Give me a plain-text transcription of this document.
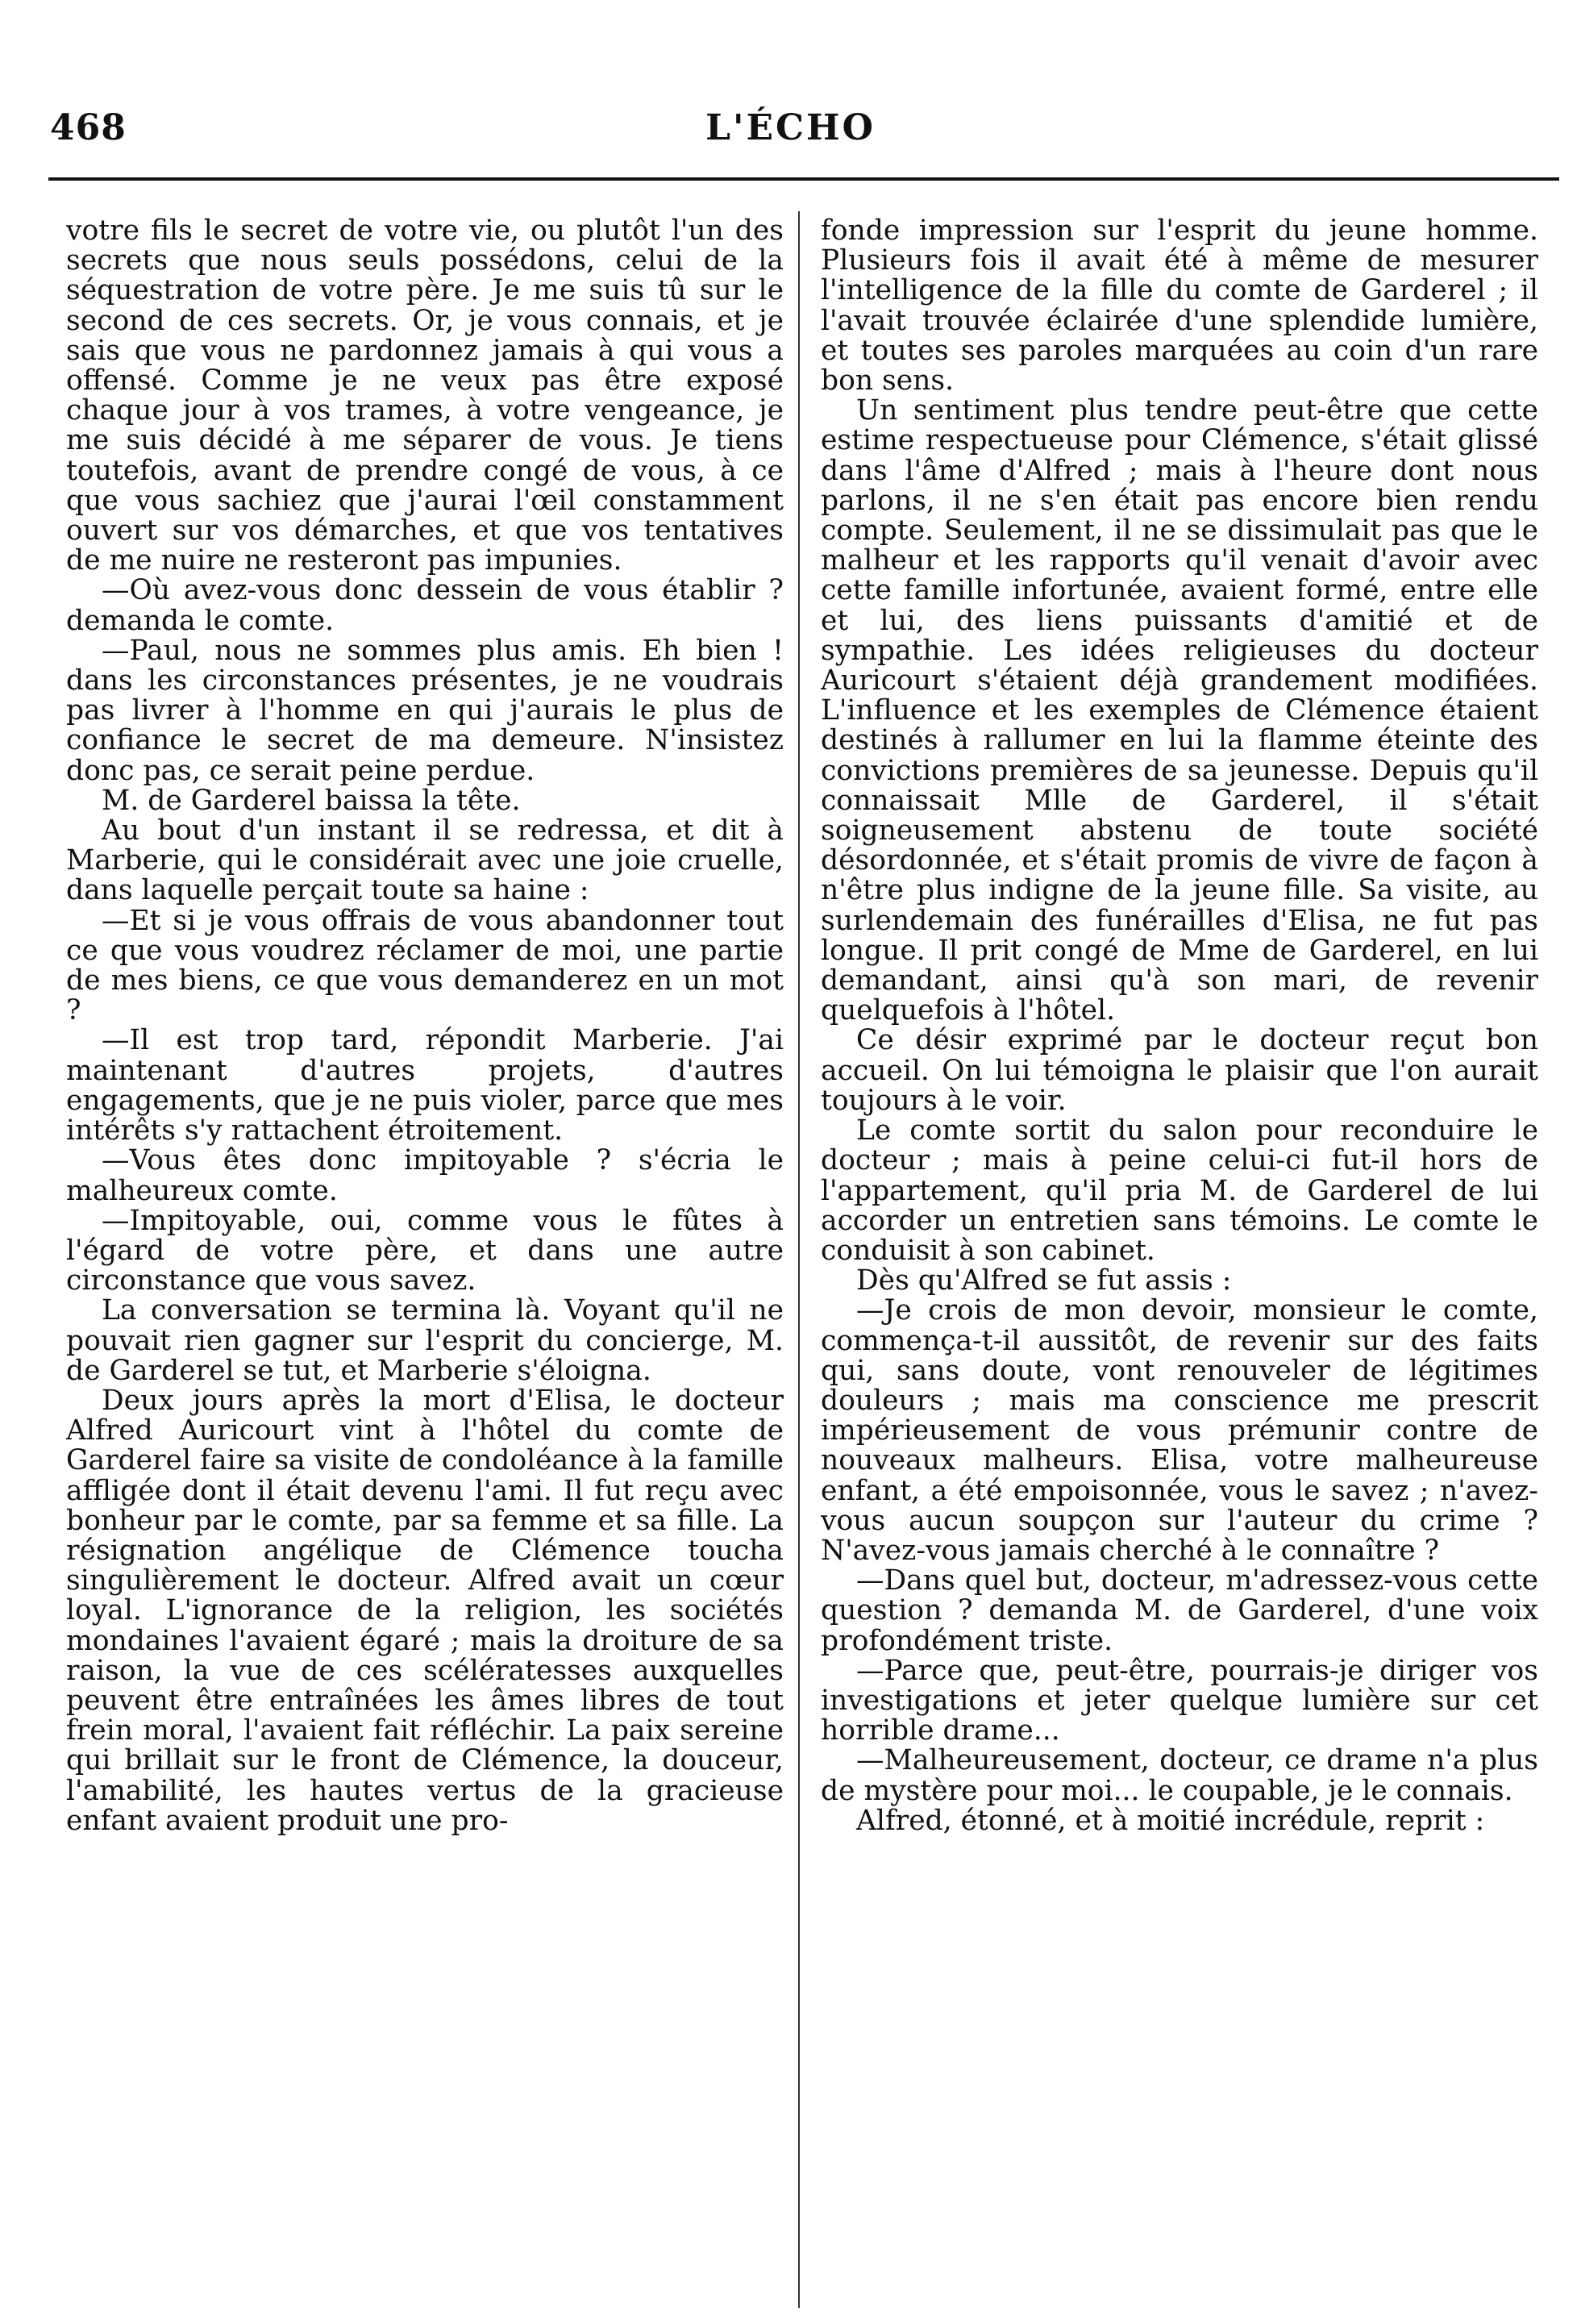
468	L'ÉCHO

votre fils le secret de votre vie, ou plutôt l'un des secrets que nous seuls possédons, celui de la séquestration de votre père. Je me suis tû sur le second de ces secrets. Or, je vous connais, et je sais que vous ne pardonnez jamais à qui vous a offensé. Comme je ne veux pas être exposé chaque jour à vos trames, à votre vengeance, je me suis décidé à me séparer de vous. Je tiens toutefois, avant de prendre congé de vous, à ce que vous sachiez que j'aurai l'œil constamment ouvert sur vos démarches, et que vos tentatives de me nuire ne resteront pas impunies.

—Où avez-vous donc dessein de vous établir ? demanda le comte.

—Paul, nous ne sommes plus amis. Eh bien ! dans les circonstances présentes, je ne voudrais pas livrer à l'homme en qui j'aurais le plus de confiance le secret de ma demeure. N'insistez donc pas, ce serait peine perdue.

M. de Garderel baissa la tête.

Au bout d'un instant il se redressa, et dit à Marberie, qui le considérait avec une joie cruelle, dans laquelle perçait toute sa haine :

—Et si je vous offrais de vous abandonner tout ce que vous voudrez réclamer de moi, une partie de mes biens, ce que vous demanderez en un mot ?

—Il est trop tard, répondit Marberie. J'ai maintenant d'autres projets, d'autres engagements, que je ne puis violer, parce que mes intérêts s'y rattachent étroitement.

—Vous êtes donc impitoyable ? s'écria le malheureux comte.

—Impitoyable, oui, comme vous le fûtes à l'égard de votre père, et dans une autre circonstance que vous savez.

La conversation se termina là. Voyant qu'il ne pouvait rien gagner sur l'esprit du concierge, M. de Garderel se tut, et Marberie s'éloigna.

Deux jours après la mort d'Elisa, le docteur Alfred Auricourt vint à l'hôtel du comte de Garderel faire sa visite de condoléance à la famille affligée dont il était devenu l'ami. Il fut reçu avec bonheur par le comte, par sa femme et sa fille. La résignation angélique de Clémence toucha singulièrement le docteur. Alfred avait un cœur loyal. L'ignorance de la religion, les sociétés mondaines l'avaient égaré ; mais la droiture de sa raison, la vue de ces scélératesses auxquelles peuvent être entraînées les âmes libres de tout frein moral, l'avaient fait réfléchir. La paix sereine qui brillait sur le front de Clémence, la douceur, l'amabilité, les hautes vertus de la gracieuse enfant avaient produit une pro-

fonde impression sur l'esprit du jeune homme. Plusieurs fois il avait été à même de mesurer l'intelligence de la fille du comte de Garderel ; il l'avait trouvée éclairée d'une splendide lumière, et toutes ses paroles marquées au coin d'un rare bon sens.

Un sentiment plus tendre peut-être que cette estime respectueuse pour Clémence, s'était glissé dans l'âme d'Alfred ; mais à l'heure dont nous parlons, il ne s'en était pas encore bien rendu compte. Seulement, il ne se dissimulait pas que le malheur et les rapports qu'il venait d'avoir avec cette famille infortunée, avaient formé, entre elle et lui, des liens puissants d'amitié et de sympathie. Les idées religieuses du docteur Auricourt s'étaient déjà grandement modifiées. L'influence et les exemples de Clémence étaient destinés à rallumer en lui la flamme éteinte des convictions premières de sa jeunesse. Depuis qu'il connaissait Mlle de Garderel, il s'était soigneusement abstenu de toute société désordonnée, et s'était promis de vivre de façon à n'être plus indigne de la jeune fille. Sa visite, au surlendemain des funérailles d'Elisa, ne fut pas longue. Il prit congé de Mme de Garderel, en lui demandant, ainsi qu'à son mari, de revenir quelquefois à l'hôtel.

Ce désir exprimé par le docteur reçut bon accueil. On lui témoigna le plaisir que l'on aurait toujours à le voir.

Le comte sortit du salon pour reconduire le docteur ; mais à peine celui-ci fut-il hors de l'appartement, qu'il pria M. de Garderel de lui accorder un entretien sans témoins. Le comte le conduisit à son cabinet.

Dès qu'Alfred se fut assis :

—Je crois de mon devoir, monsieur le comte, commença-t-il aussitôt, de revenir sur des faits qui, sans doute, vont renouveler de légitimes douleurs ; mais ma conscience me prescrit impérieusement de vous prémunir contre de nouveaux malheurs. Elisa, votre malheureuse enfant, a été empoisonnée, vous le savez ; n'avez-vous aucun soupçon sur l'auteur du crime ? N'avez-vous jamais cherché à le connaître ?

—Dans quel but, docteur, m'adressez-vous cette question ? demanda M. de Garderel, d'une voix profondément triste.

—Parce que, peut-être, pourrais-je diriger vos investigations et jeter quelque lumière sur cet horrible drame...

—Malheureusement, docteur, ce drame n'a plus de mystère pour moi... le coupable, je le connais.

Alfred, étonné, et à moitié incrédule, reprit :
